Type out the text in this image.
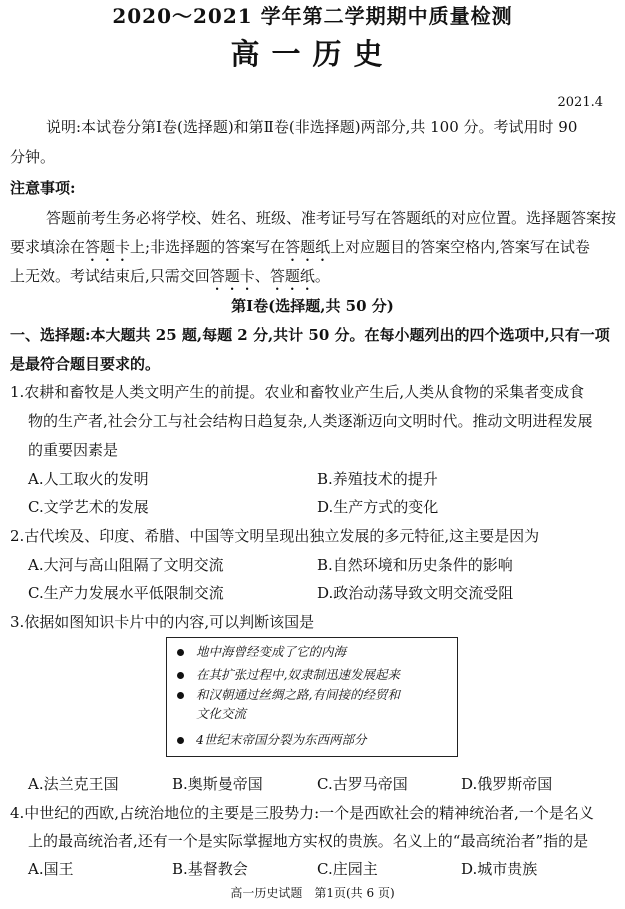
2020～2021 学年第二学期期中质量检测
高一历史
2021.4
说明:本试卷分第Ⅰ卷(选择题)和第Ⅱ卷(非选择题)两部分,共 100 分。考试用时 90
分钟。
注意事项:
答题前考生务必将学校、姓名、班级、准考证号写在答题纸的对应位置。选择题答案按
要求填涂在答题卡上;非选择题的答案写在答题纸上对应题目的答案空格内,答案写在试卷
上无效。考试结束后,只需交回答题卡、答题纸。
第Ⅰ卷(选择题,共 50 分)
一、选择题:本大题共 25 题,每题 2 分,共计 50 分。在每小题列出的四个选项中,只有一项
是最符合题目要求的。
1.农耕和畜牧是人类文明产生的前提。农业和畜牧业产生后,人类从食物的采集者变成食
物的生产者,社会分工与社会结构日趋复杂,人类逐渐迈向文明时代。推动文明进程发展
的重要因素是
A.人工取火的发明	B.养殖技术的提升
C.文学艺术的发展	D.生产方式的变化
2.古代埃及、印度、希腊、中国等文明呈现出独立发展的多元特征,这主要是因为
A.大河与高山阻隔了文明交流	B.自然环境和历史条件的影响
C.生产力发展水平低限制交流	D.政治动荡导致文明交流受阻
3.依据如图知识卡片中的内容,可以判断该国是
地中海曾经变成了它的内海
在其扩张过程中,奴隶制迅速发展起来
和汉朝通过丝绸之路,有间接的经贸和
文化交流
4世纪末帝国分裂为东西两部分
A.法兰克王国	B.奥斯曼帝国	C.古罗马帝国	D.俄罗斯帝国
4.中世纪的西欧,占统治地位的主要是三股势力:一个是西欧社会的精神统治者,一个是名义
上的最高统治者,还有一个是实际掌握地方实权的贵族。名义上的“最高统治者”指的是
A.国王	B.基督教会	C.庄园主	D.城市贵族
高一历史试题　第1页(共 6 页)
